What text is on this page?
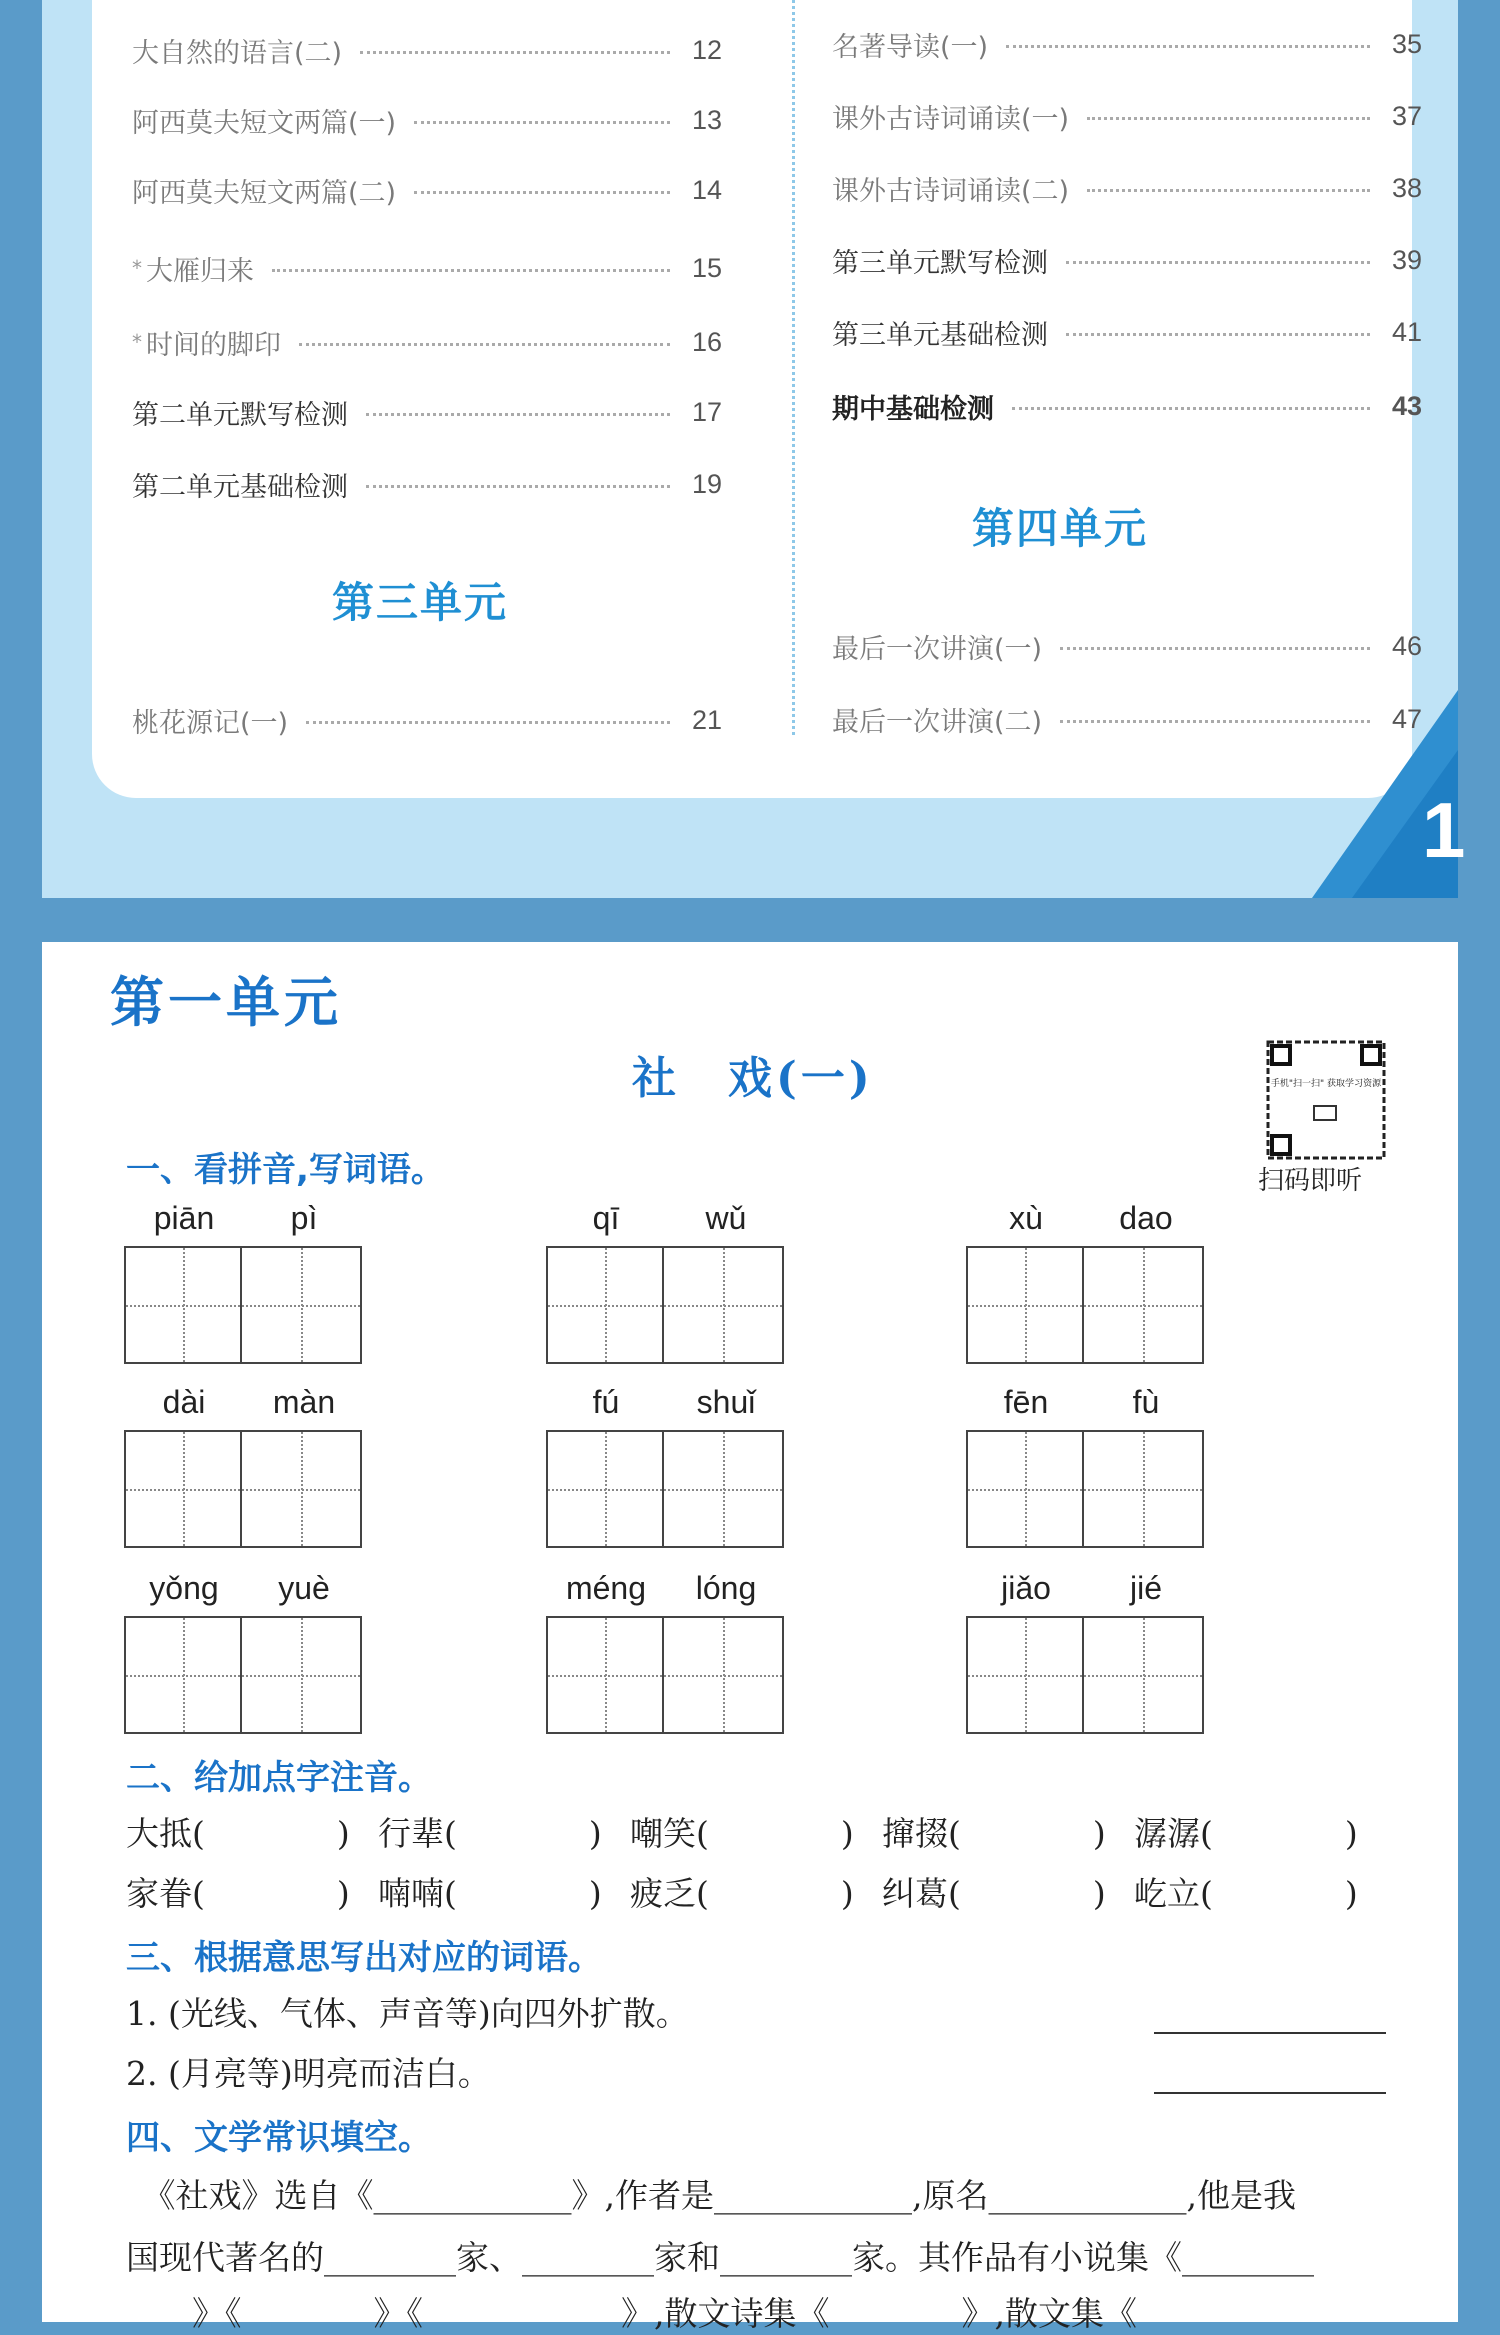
大自然的语言(二)	12
阿西莫夫短文两篇(一)	13
阿西莫夫短文两篇(二)	14
* 大雁归来	15
* 时间的脚印	16
第二单元默写检测	17
第二单元基础检测	19
第三单元
桃花源记(一)	21
名著导读(一)	35
课外古诗词诵读(一)	37
课外古诗词诵读(二)	38
第三单元默写检测	39
第三单元基础检测	41
期中基础检测	43
第四单元
最后一次讲演(一)	46
最后一次讲演(二)	47
1
第一单元
社　戏(一)	手机"扫一扫" 获取学习资源
扫码即听
一、看拼音,写词语。
piān	pì	qī	wǔ	xù	dao
dài	màn	fú	shuǐ	fēn	fù
yǒng	yuè	méng	lóng	jiǎo	jié
二、给加点字注音。
大抵(　　　　) 行辈(　　　　) 嘲笑(　　　　) 撺掇(　　　　) 潺潺(　　　　)
家眷(　　　　) 喃喃(　　　　) 疲乏(　　　　) 纠葛(　　　　) 屹立(　　　　)
三、根据意思写出对应的词语。
1. (光线、气体、声音等)向四外扩散。
2. (月亮等)明亮而洁白。
四、文学常识填空。
　《社戏》选自《____________》,作者是____________,原名____________,他是我
国现代著名的________家、________家和________家。其作品有小说集《________
　　》《　　　　》《　　　　　　》,散文诗集《　　　　》,散文集《
